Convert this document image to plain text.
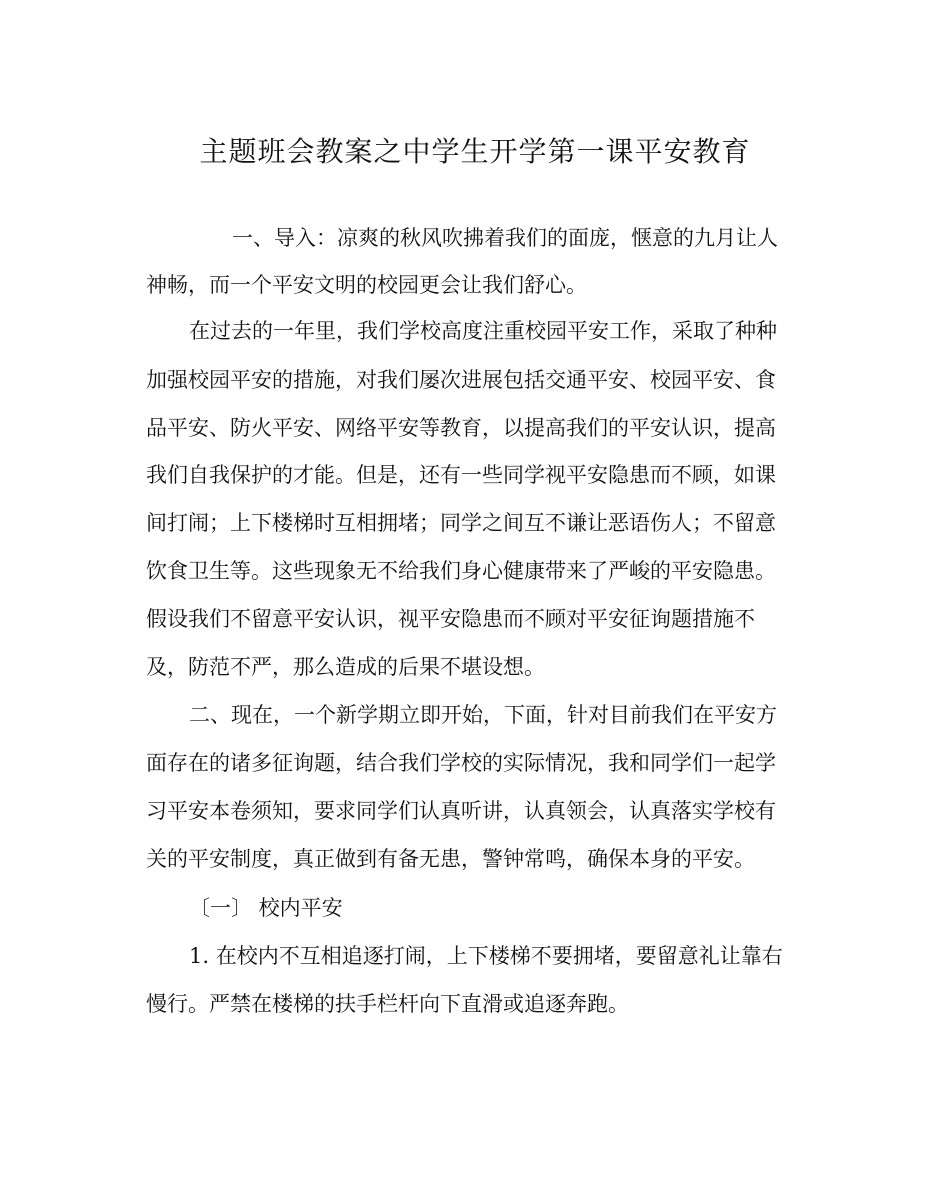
主题班会教案之中学生开学第一课平安教育
一、导入：凉爽的秋风吹拂着我们的面庞，惬意的九月让人
神畅，而一个平安文明的校园更会让我们舒心。
在过去的一年里，我们学校高度注重校园平安工作，采取了种种
加强校园平安的措施，对我们屡次进展包括交通平安、校园平安、食
品平安、防火平安、网络平安等教育，以提高我们的平安认识，提高
我们自我保护的才能。但是，还有一些同学视平安隐患而不顾，如课
间打闹；上下楼梯时互相拥堵；同学之间互不谦让恶语伤人；不留意
饮食卫生等。这些现象无不给我们身心健康带来了严峻的平安隐患。
假设我们不留意平安认识，视平安隐患而不顾对平安征询题措施不
及，防范不严，那么造成的后果不堪设想。
二、现在，一个新学期立即开始，下面，针对目前我们在平安方
面存在的诸多征询题，结合我们学校的实际情况，我和同学们一起学
习平安本卷须知，要求同学们认真听讲，认真领会，认真落实学校有
关的平安制度，真正做到有备无患，警钟常鸣，确保本身的平安。
〔一〕 校内平安
1. 在校内不互相追逐打闹，上下楼梯不要拥堵，要留意礼让靠右
慢行。严禁在楼梯的扶手栏杆向下直滑或追逐奔跑。
